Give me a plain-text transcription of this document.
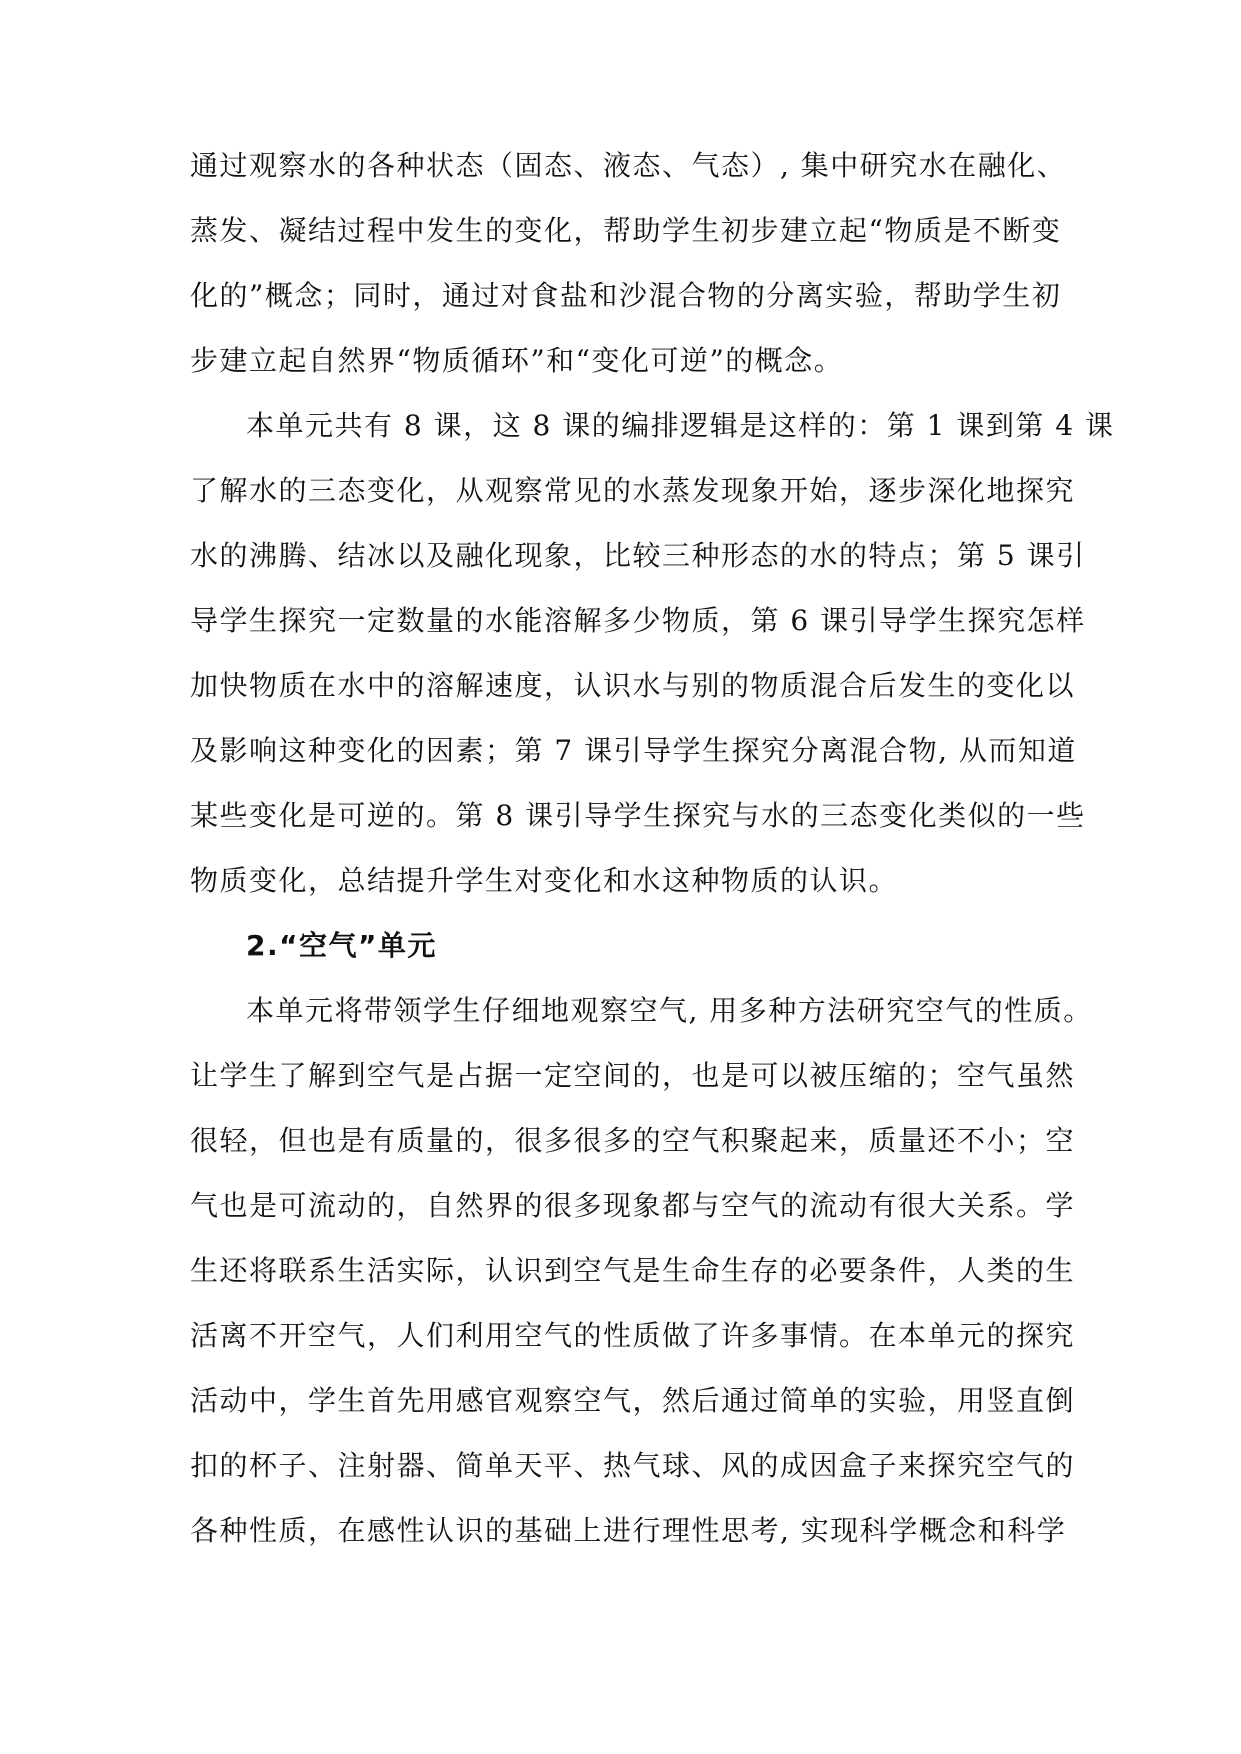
通过观察水的各种状态（固态、液态、气态）, 集中研究水在融化、
蒸发、凝结过程中发生的变化，帮助学生初步建立起“物质是不断变
化的”概念；同时，通过对食盐和沙混合物的分离实验，帮助学生初
步建立起自然界“物质循环”和“变化可逆”的概念。
本单元共有 8 课，这 8 课的编排逻辑是这样的：第 1 课到第 4 课
了解水的三态变化，从观察常见的水蒸发现象开始，逐步深化地探究
水的沸腾、结冰以及融化现象，比较三种形态的水的特点；第 5 课引
导学生探究一定数量的水能溶解多少物质，第 6 课引导学生探究怎样
加快物质在水中的溶解速度，认识水与别的物质混合后发生的变化以
及影响这种变化的因素；第 7 课引导学生探究分离混合物, 从而知道
某些变化是可逆的。第 8 课引导学生探究与水的三态变化类似的一些
物质变化，总结提升学生对变化和水这种物质的认识。
2.“空气”单元
本单元将带领学生仔细地观察空气, 用多种方法研究空气的性质。
让学生了解到空气是占据一定空间的，也是可以被压缩的；空气虽然
很轻，但也是有质量的，很多很多的空气积聚起来，质量还不小；空
气也是可流动的，自然界的很多现象都与空气的流动有很大关系。学
生还将联系生活实际，认识到空气是生命生存的必要条件，人类的生
活离不开空气，人们利用空气的性质做了许多事情。在本单元的探究
活动中，学生首先用感官观察空气，然后通过简单的实验，用竖直倒
扣的杯子、注射器、简单天平、热气球、风的成因盒子来探究空气的
各种性质，在感性认识的基础上进行理性思考, 实现科学概念和科学
